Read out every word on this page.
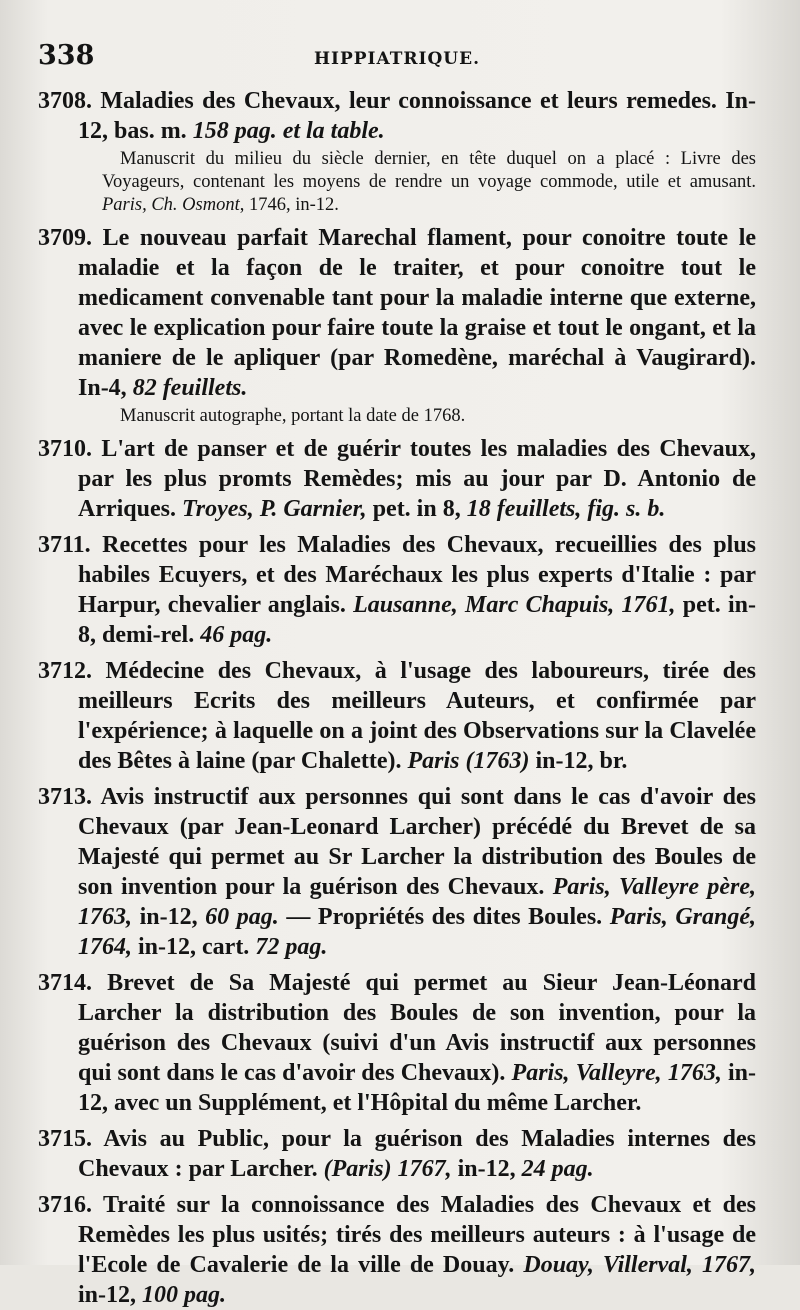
338	HIPPIATRIQUE.
3708. Maladies des Chevaux, leur connoissance et leurs remedes. In-12, bas. m. 158 pag. et la table.
Manuscrit du milieu du siècle dernier, en tête duquel on a placé : Livre des Voyageurs, contenant les moyens de rendre un voyage commode, utile et amusant. Paris, Ch. Osmont, 1746, in-12.
3709. Le nouveau parfait Marechal flament, pour conoitre toute le maladie et la façon de le traiter, et pour conoitre tout le medicament convenable tant pour la maladie interne que externe, avec le explication pour faire toute la graise et tout le ongant, et la maniere de le apliquer (par Romedène, maréchal à Vaugirard). In-4, 82 feuillets.
Manuscrit autographe, portant la date de 1768.
3710. L'art de panser et de guérir toutes les maladies des Chevaux, par les plus promts Remèdes; mis au jour par D. Antonio de Arriques. Troyes, P. Garnier, pet. in 8, 18 feuillets, fig. s. b.
3711. Recettes pour les Maladies des Chevaux, recueillies des plus habiles Ecuyers, et des Maréchaux les plus experts d'Italie : par Harpur, chevalier anglais. Lausanne, Marc Chapuis, 1761, pet. in-8, demi-rel. 46 pag.
3712. Médecine des Chevaux, à l'usage des laboureurs, tirée des meilleurs Ecrits des meilleurs Auteurs, et confirmée par l'expérience; à laquelle on a joint des Observations sur la Clavelée des Bêtes à laine (par Chalette). Paris (1763) in-12, br.
3713. Avis instructif aux personnes qui sont dans le cas d'avoir des Chevaux (par Jean-Leonard Larcher) précédé du Brevet de sa Majesté qui permet au Sr Larcher la distribution des Boules de son invention pour la guérison des Chevaux. Paris, Valleyre père, 1763, in-12, 60 pag. — Propriétés des dites Boules. Paris, Grangé, 1764, in-12, cart. 72 pag.
3714. Brevet de Sa Majesté qui permet au Sieur Jean-Léonard Larcher la distribution des Boules de son invention, pour la guérison des Chevaux (suivi d'un Avis instructif aux personnes qui sont dans le cas d'avoir des Chevaux). Paris, Valleyre, 1763, in-12, avec un Supplément, et l'Hôpital du même Larcher.
3715. Avis au Public, pour la guérison des Maladies internes des Chevaux : par Larcher. (Paris) 1767, in-12, 24 pag.
3716. Traité sur la connoissance des Maladies des Chevaux et des Remèdes les plus usités; tirés des meilleurs auteurs : à l'usage de l'Ecole de Cavalerie de la ville de Douay. Douay, Villerval, 1767, in-12, 100 pag.
